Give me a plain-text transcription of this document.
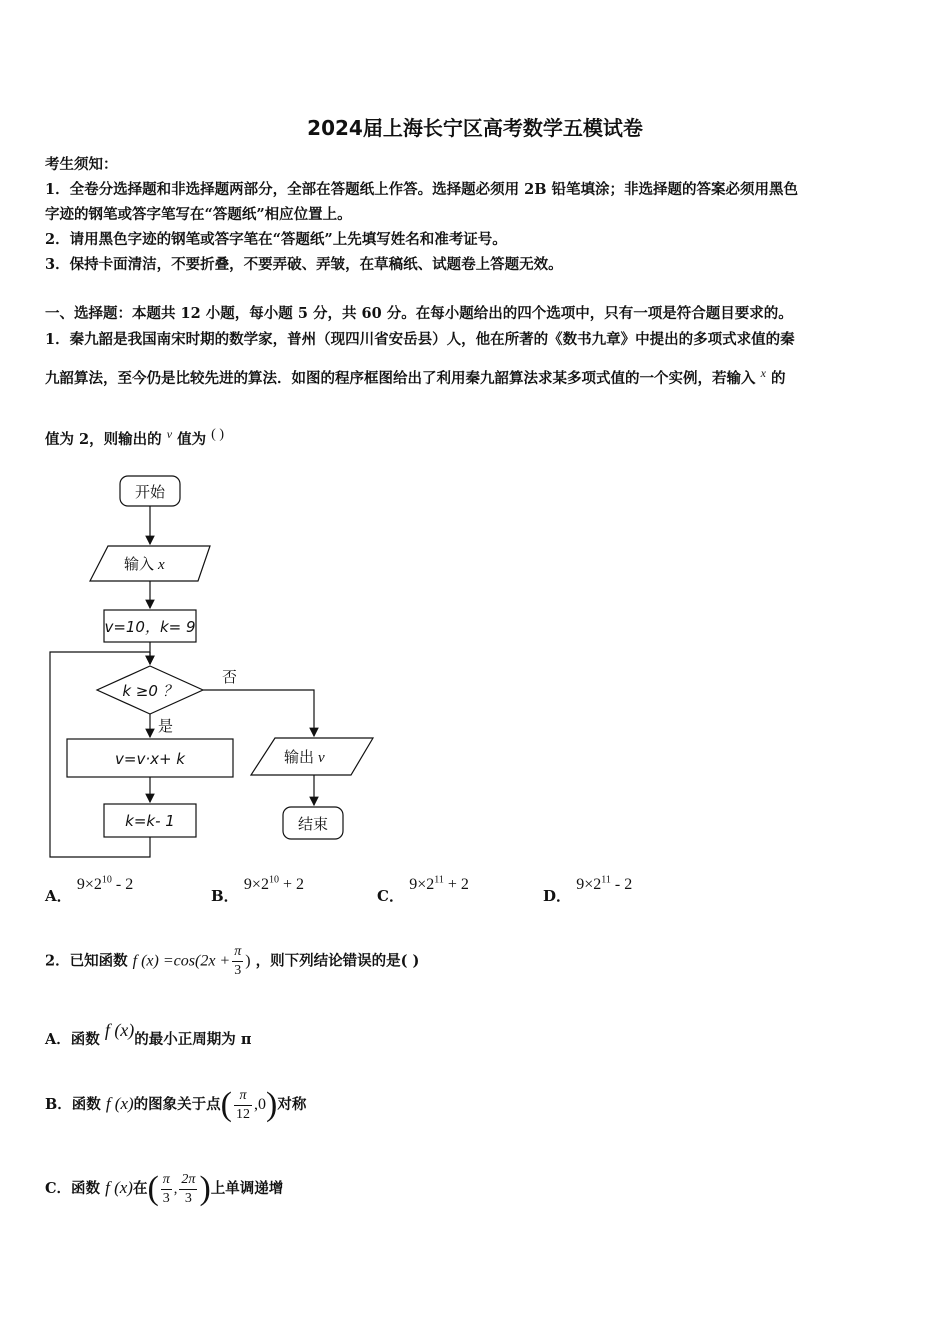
2024届上海长宁区高考数学五模试卷
考生须知：
1．全卷分选择题和非选择题两部分，全部在答题纸上作答。选择题必须用 2B 铅笔填涂；非选择题的答案必须用黑色
字迹的钢笔或答字笔写在“答题纸”相应位置上。
2．请用黑色字迹的钢笔或答字笔在“答题纸”上先填写姓名和准考证号。
3．保持卡面清洁，不要折叠，不要弄破、弄皱，在草稿纸、试题卷上答题无效。
一、选择题：本题共 12 小题，每小题 5 分，共 60 分。在每小题给出的四个选项中，只有一项是符合题目要求的。
1．秦九韶是我国南宋时期的数学家，普州（现四川省安岳县）人，他在所著的《数书九章》中提出的多项式求值的秦
九韶算法，至今仍是比较先进的算法．如图的程序框图给出了利用秦九韶算法求某多项式值的一个实例，若输入 $^x$ 的
值为 2，则输出的 $^v$ 值为 ( )
开始
输入 x
v=10，k= 9
k ≥0 ？
否
是
v=v·x+ k
k=k- 1
输出 v
结束
A． $9\times 2^{10} - 2$
B． $9\times 2^{10} + 2$
C． $9\times 2^{11} + 2$
D． $9\times 2^{11} - 2$
2．已知函数 f $(x) =\cos(2x + \frac{\pi}{3}$ ) ，则下列结论错误的是( )
A．函数 f (x)的最小正周期为 π
B．函数 f (x)的图象关于点( $\frac{\pi}{12} ,0$)对称
C．函数 f (x)在( $\frac{\pi}{3}$ , $\frac{2\pi}{3}$ )上单调递增
